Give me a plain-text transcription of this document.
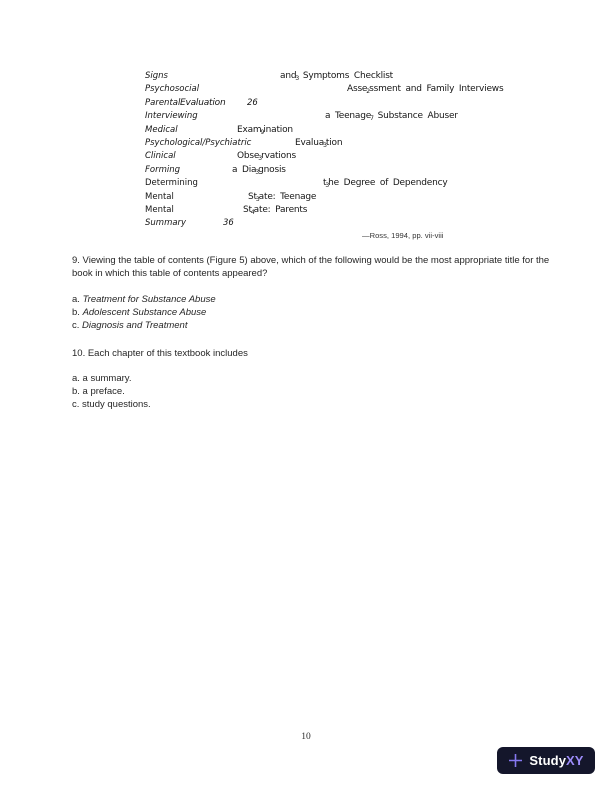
Signs	and$_3$ Symptoms Checklist
Psychosocial	Asse$_2$ssment and Family Interviews
Parental Evaluation	26
Interviewing	a Teenage$_7$ Substance Abuser
Medical	Exam$_9$ination
Psychological/Psychiatric	Evalua$_3$tion
Clinical	Obse$_3$rvations
Forming	a Dia$_3$gnosis
Determining	$t_3he$ Degree of Dependency
Mental	$St_3ate$: Teenage
Mental	$St_4ate$: Parents
Summary	36
—Ross, 1994, pp. vii-viii
9. Viewing the table of contents (Figure 5) above, which of the following would be the most appropriate title for the book in which this table of contents appeared?
a. Treatment for Substance Abuse
b. Adolescent Substance Abuse
c. Diagnosis and Treatment
10. Each chapter of this textbook includes
a. a summary.
b. a preface.
c. study questions.
10
StudyXY
